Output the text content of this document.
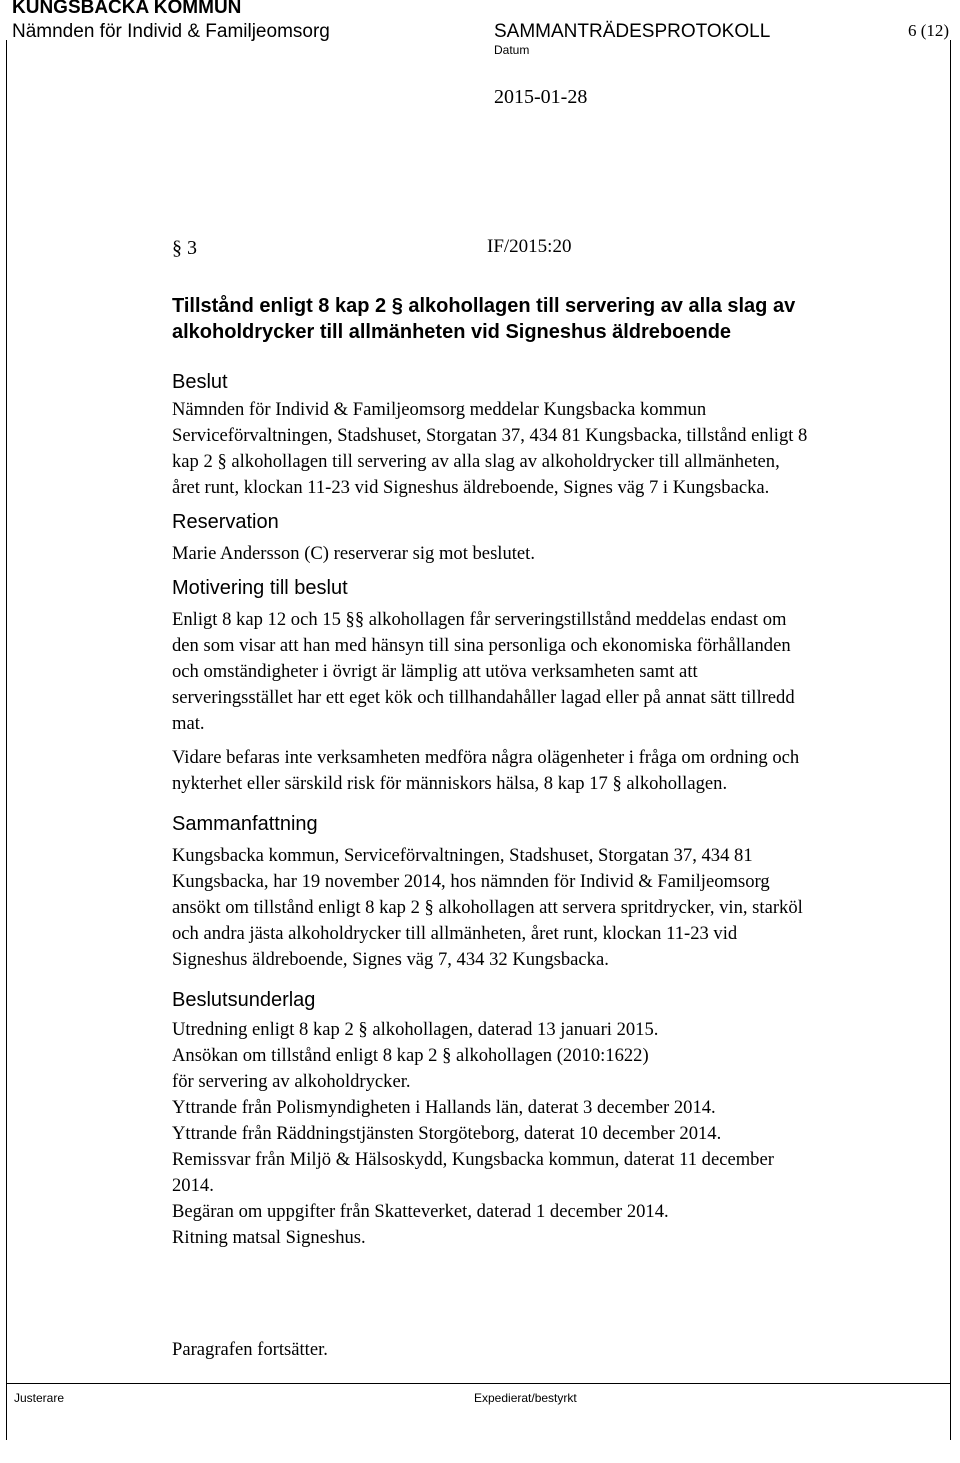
KUNGSBACKA KOMMUN
Nämnden för Individ & Familjeomsorg	SAMMANTRÄDESPROTOKOLL	6 (12)
Datum
2015-01-28
§ 3	IF/2015:20
Tillstånd enligt 8 kap 2 § alkohollagen till servering av alla slag av
alkoholdrycker till allmänheten vid Signeshus äldreboende
Beslut
Nämnden för Individ & Familjeomsorg meddelar Kungsbacka kommun
Serviceförvaltningen, Stadshuset, Storgatan 37, 434 81 Kungsbacka, tillstånd enligt 8
kap 2 § alkohollagen till servering av alla slag av alkoholdrycker till allmänheten,
året runt, klockan 11-23 vid Signeshus äldreboende, Signes väg 7 i Kungsbacka.
Reservation
Marie Andersson (C) reserverar sig mot beslutet.
Motivering till beslut
Enligt 8 kap 12 och 15 §§ alkohollagen får serveringstillstånd meddelas endast om
den som visar att han med hänsyn till sina personliga och ekonomiska förhållanden
och omständigheter i övrigt är lämplig att utöva verksamheten samt att
serveringsstället har ett eget kök och tillhandahåller lagad eller på annat sätt tillredd
mat.
Vidare befaras inte verksamheten medföra några olägenheter i fråga om ordning och
nykterhet eller särskild risk för människors hälsa, 8 kap 17 § alkohollagen.
Sammanfattning
Kungsbacka kommun, Serviceförvaltningen, Stadshuset, Storgatan 37, 434 81
Kungsbacka, har 19 november 2014, hos nämnden för Individ & Familjeomsorg
ansökt om tillstånd enligt 8 kap 2 § alkohollagen att servera spritdrycker, vin, starköl
och andra jästa alkoholdrycker till allmänheten, året runt, klockan 11-23 vid
Signeshus äldreboende, Signes väg 7, 434 32 Kungsbacka.
Beslutsunderlag
Utredning enligt 8 kap 2 § alkohollagen, daterad 13 januari 2015.
Ansökan om tillstånd enligt 8 kap 2 § alkohollagen (2010:1622)
för servering av alkoholdrycker.
Yttrande från Polismyndigheten i Hallands län, daterat 3 december 2014.
Yttrande från Räddningstjänsten Storgöteborg, daterat 10 december 2014.
Remissvar från Miljö & Hälsoskydd, Kungsbacka kommun, daterat 11 december
2014.
Begäran om uppgifter från Skatteverket, daterad 1 december 2014.
Ritning matsal Signeshus.
Paragrafen fortsätter.
Justerare	Expedierat/bestyrkt
